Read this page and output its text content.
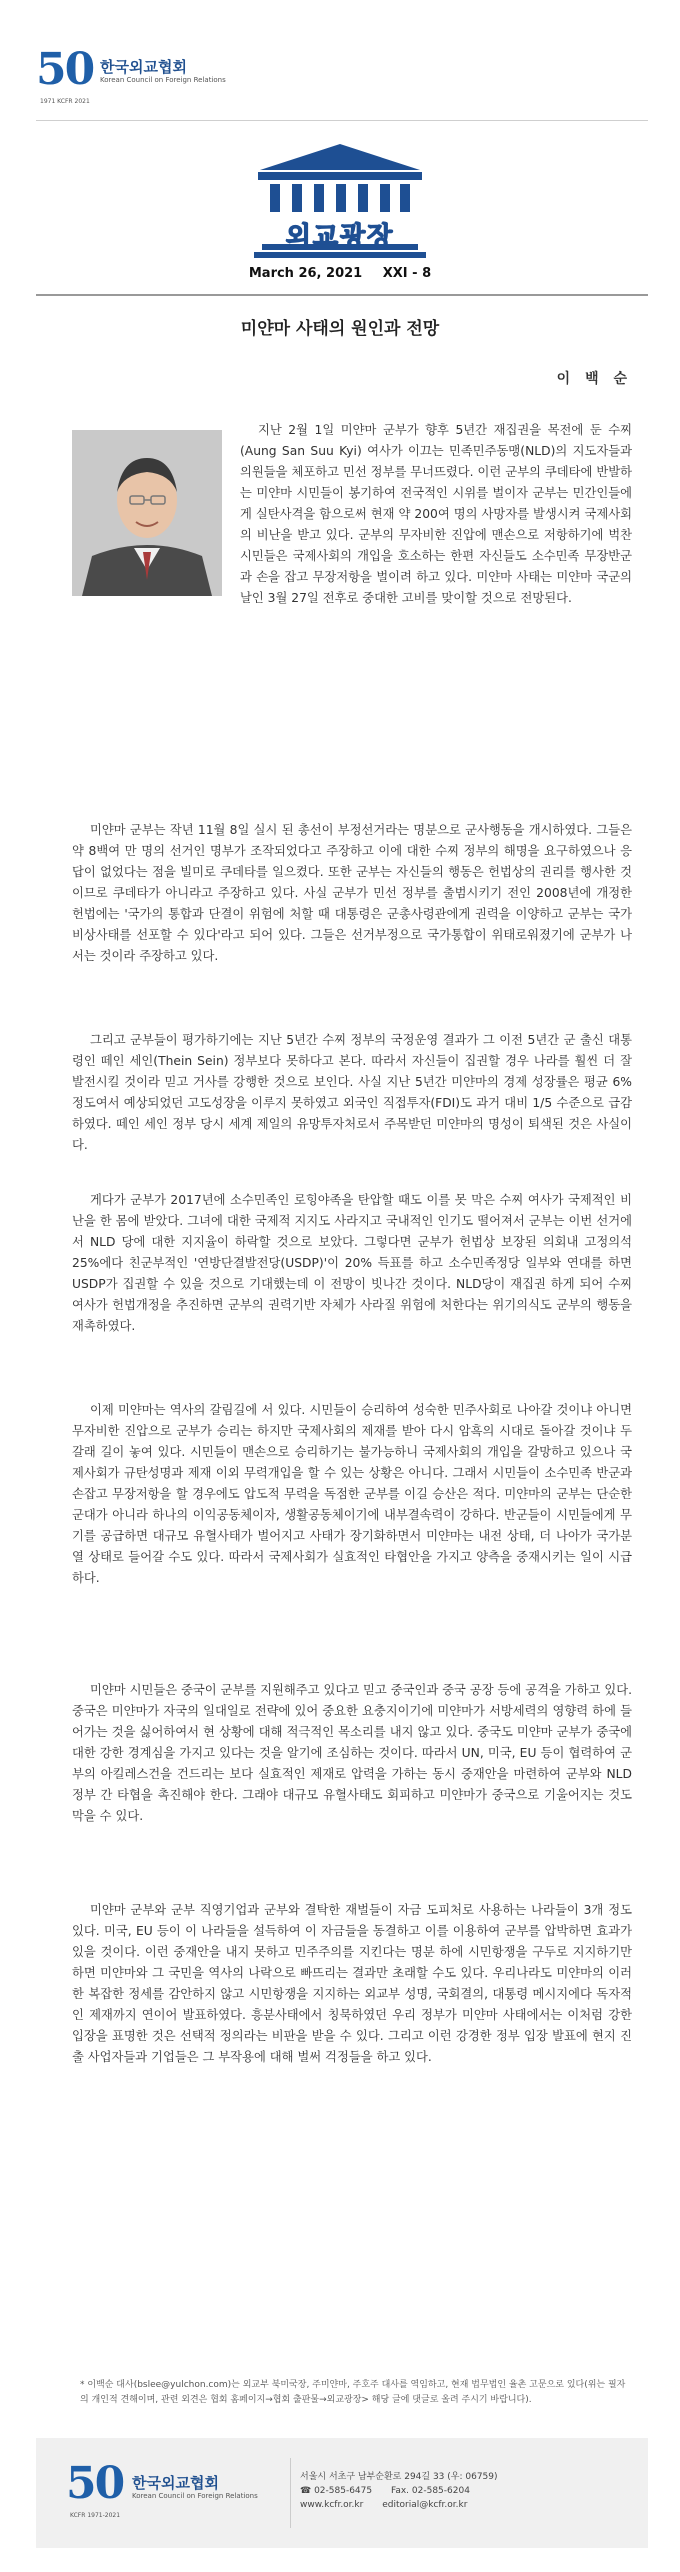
50
1971 KCFR 2021
한국외교협회
Korean Council on Foreign Relations
외교광장
March 26, 2021 XXI - 8
미얀마 사태의 원인과 전망
이 백 순

지난 2월 1일 미얀마 군부가 향후 5년간 재집권을 목전에 둔 수찌(Aung San Suu Kyi) 여사가 이끄는 민족민주동맹(NLD)의 지도자들과 의원들을 체포하고 민선 정부를 무너뜨렸다. 이런 군부의 쿠데타에 반발하는 미얀마 시민들이 봉기하여 전국적인 시위를 벌이자 군부는 민간인들에게 실탄사격을 함으로써 현재 약 200여 명의 사망자를 발생시켜 국제사회의 비난을 받고 있다. 군부의 무자비한 진압에 맨손으로 저항하기에 벅찬 시민들은 국제사회의 개입을 호소하는 한편 자신들도 소수민족 무장반군과 손을 잡고 무장저항을 벌이려 하고 있다. 미얀마 사태는 미얀마 국군의 날인 3월 27일 전후로 중대한 고비를 맞이할 것으로 전망된다.

미얀마 군부는 작년 11월 8일 실시 된 총선이 부정선거라는 명분으로 군사행동을 개시하였다. 그들은 약 8백여 만 명의 선거인 명부가 조작되었다고 주장하고 이에 대한 수찌 정부의 해명을 요구하였으나 응답이 없었다는 점을 빌미로 쿠데타를 일으켰다. 또한 군부는 자신들의 행동은 헌법상의 권리를 행사한 것이므로 쿠데타가 아니라고 주장하고 있다. 사실 군부가 민선 정부를 출범시키기 전인 2008년에 개정한 헌법에는 '국가의 통합과 단결이 위험에 처할 때 대통령은 군총사령관에게 권력을 이양하고 군부는 국가비상사태를 선포할 수 있다'라고 되어 있다. 그들은 선거부정으로 국가통합이 위태로워졌기에 군부가 나서는 것이라 주장하고 있다.

그리고 군부들이 평가하기에는 지난 5년간 수찌 정부의 국정운영 결과가 그 이전 5년간 군 출신 대통령인 떼인 세인(Thein Sein) 정부보다 못하다고 본다. 따라서 자신들이 집권할 경우 나라를 훨씬 더 잘 발전시킬 것이라 믿고 거사를 강행한 것으로 보인다. 사실 지난 5년간 미얀마의 경제 성장률은 평균 6% 정도여서 예상되었던 고도성장을 이루지 못하였고 외국인 직접투자(FDI)도 과거 대비 1/5 수준으로 급감하였다. 떼인 세인 정부 당시 세계 제일의 유망투자처로서 주목받던 미얀마의 명성이 퇴색된 것은 사실이다.

게다가 군부가 2017년에 소수민족인 로힝야족을 탄압할 때도 이를 못 막은 수찌 여사가 국제적인 비난을 한 몸에 받았다. 그녀에 대한 국제적 지지도 사라지고 국내적인 인기도 떨어져서 군부는 이번 선거에서 NLD 당에 대한 지지율이 하락할 것으로 보았다. 그렇다면 군부가 헌법상 보장된 의회내 고정의석 25%에다 친군부적인 '연방단결발전당(USDP)'이 20% 득표를 하고 소수민족정당 일부와 연대를 하면 USDP가 집권할 수 있을 것으로 기대했는데 이 전망이 빗나간 것이다. NLD당이 재집권 하게 되어 수찌 여사가 헌법개정을 추진하면 군부의 권력기반 자체가 사라질 위험에 처한다는 위기의식도 군부의 행동을 재촉하였다.

이제 미얀마는 역사의 갈림길에 서 있다. 시민들이 승리하여 성숙한 민주사회로 나아갈 것이냐 아니면 무자비한 진압으로 군부가 승리는 하지만 국제사회의 제재를 받아 다시 암흑의 시대로 돌아갈 것이냐 두 갈래 길이 놓여 있다. 시민들이 맨손으로 승리하기는 불가능하니 국제사회의 개입을 갈망하고 있으나 국제사회가 규탄성명과 제재 이외 무력개입을 할 수 있는 상황은 아니다. 그래서 시민들이 소수민족 반군과 손잡고 무장저항을 할 경우에도 압도적 무력을 독점한 군부를 이길 승산은 적다. 미얀마의 군부는 단순한 군대가 아니라 하나의 이익공동체이자, 생활공동체이기에 내부결속력이 강하다. 반군들이 시민들에게 무기를 공급하면 대규모 유혈사태가 벌어지고 사태가 장기화하면서 미얀마는 내전 상태, 더 나아가 국가분열 상태로 들어갈 수도 있다. 따라서 국제사회가 실효적인 타협안을 가지고 양측을 중재시키는 일이 시급하다.

미얀마 시민들은 중국이 군부를 지원해주고 있다고 믿고 중국인과 중국 공장 등에 공격을 가하고 있다. 중국은 미얀마가 자국의 일대일로 전략에 있어 중요한 요충지이기에 미얀마가 서방세력의 영향력 하에 들어가는 것을 싫어하여서 현 상황에 대해 적극적인 목소리를 내지 않고 있다. 중국도 미얀마 군부가 중국에 대한 강한 경계심을 가지고 있다는 것을 알기에 조심하는 것이다. 따라서 UN, 미국, EU 등이 협력하여 군부의 아킬레스건을 건드리는 보다 실효적인 제재로 압력을 가하는 동시 중재안을 마련하여 군부와 NLD 정부 간 타협을 촉진해야 한다. 그래야 대규모 유혈사태도 회피하고 미얀마가 중국으로 기울어지는 것도 막을 수 있다.

미얀마 군부와 군부 직영기업과 군부와 결탁한 재벌들이 자금 도피처로 사용하는 나라들이 3개 정도 있다. 미국, EU 등이 이 나라들을 설득하여 이 자금들을 동결하고 이를 이용하여 군부를 압박하면 효과가 있을 것이다. 이런 중재안을 내지 못하고 민주주의를 지킨다는 명분 하에 시민항쟁을 구두로 지지하기만 하면 미얀마와 그 국민을 역사의 나락으로 빠뜨리는 결과만 초래할 수도 있다. 우리나라도 미얀마의 이러한 복잡한 정세를 감안하지 않고 시민항쟁을 지지하는 외교부 성명, 국회결의, 대통령 메시지에다 독자적인 제재까지 연이어 발표하였다. 흥분사태에서 칭묵하였던 우리 정부가 미얀마 사태에서는 이처럼 강한 입장을 표명한 것은 선택적 정의라는 비판을 받을 수 있다. 그리고 이런 강경한 정부 입장 발표에 현지 진출 사업자들과 기업들은 그 부작용에 대해 벌써 걱정들을 하고 있다.

* 이백순 대사(bslee@yulchon.com)는 외교부 북미국장, 주미얀마, 주호주 대사를 역임하고, 현재 법무법인 율촌 고문으로 있다(위는 필자의 개인적 견해이며, 관련 외견은 협회 홈페이지→협회 출판물→외교광장> 해당 글에 댓글로 올려 주시기 바랍니다).

50
KCFR 1971-2021
한국외교협회
Korean Council on Foreign Relations
서울시 서초구 남부순환로 294길 33 (우: 06759)
☎ 02-585-6475 Fax. 02-585-6204
www.kcfr.or.kr editorial@kcfr.or.kr
